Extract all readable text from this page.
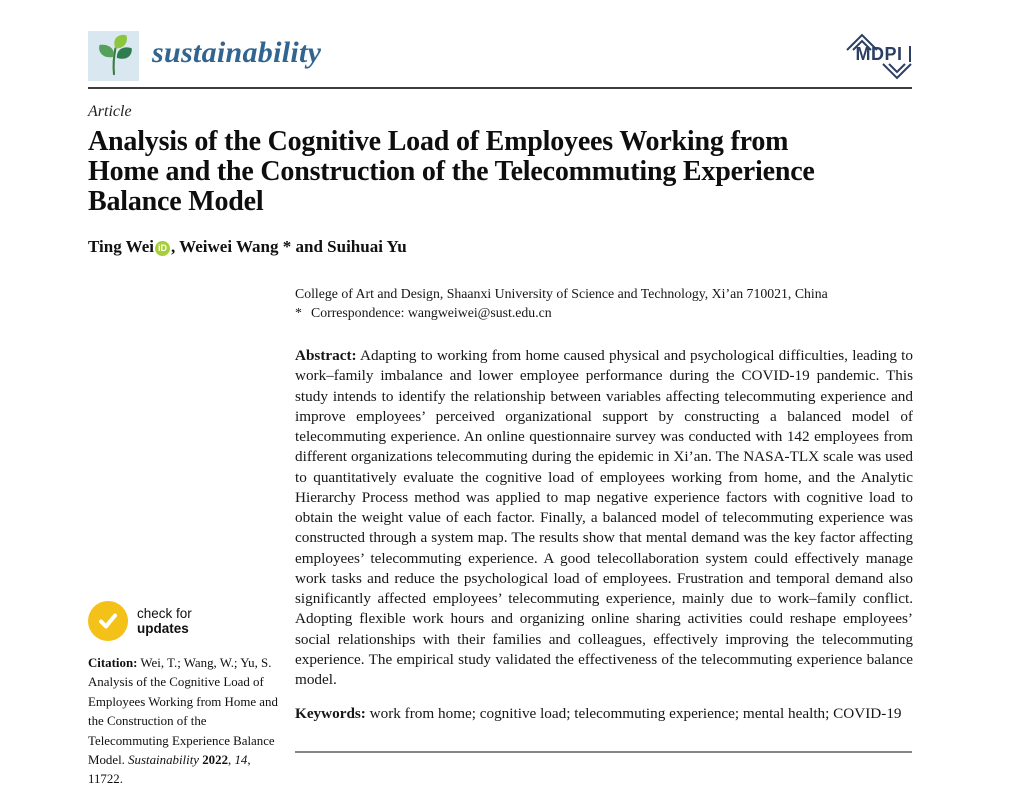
sustainability	MDPI
Article
Analysis of the Cognitive Load of Employees Working from
Home and the Construction of the Telecommuting Experience
Balance Model
Ting Wei iD , Weiwei Wang * and Suihuai Yu
College of Art and Design, Shaanxi University of Science and Technology, Xi’an 710021, China
* Correspondence: wangweiwei@sust.edu.cn
Abstract: Adapting to working from home caused physical and psychological difficulties, leading to work–family imbalance and lower employee performance during the COVID-19 pandemic. This study intends to identify the relationship between variables affecting telecommuting experience and improve employees’ perceived organizational support by constructing a balanced model of telecommuting experience. An online questionnaire survey was conducted with 142 employees from different organizations telecommuting during the epidemic in Xi’an. The NASA-TLX scale was used to quantitatively evaluate the cognitive load of employees working from home, and the Analytic Hierarchy Process method was applied to map negative experience factors with cognitive load to obtain the weight value of each factor. Finally, a balanced model of telecommuting experience was constructed through a system map. The results show that mental demand was the key factor affecting employees’ telecommuting experience. A good telecollaboration system could effectively manage work tasks and reduce the psychological load of employees. Frustration and temporal demand also significantly affected employees’ telecommuting experience, mainly due to work–family conflict. Adopting flexible work hours and organizing online sharing activities could reshape employees’ social relationships with their families and colleagues, effectively improving the telecommuting experience. The empirical study validated the effectiveness of the telecommuting experience balance model.
Keywords: work from home; cognitive load; telecommuting experience; mental health; COVID-19
check for
updates
Citation: Wei, T.; Wang, W.; Yu, S. Analysis of the Cognitive Load of Employees Working from Home and the Construction of the Telecommuting Experience Balance Model. Sustainability 2022, 14, 11722.
